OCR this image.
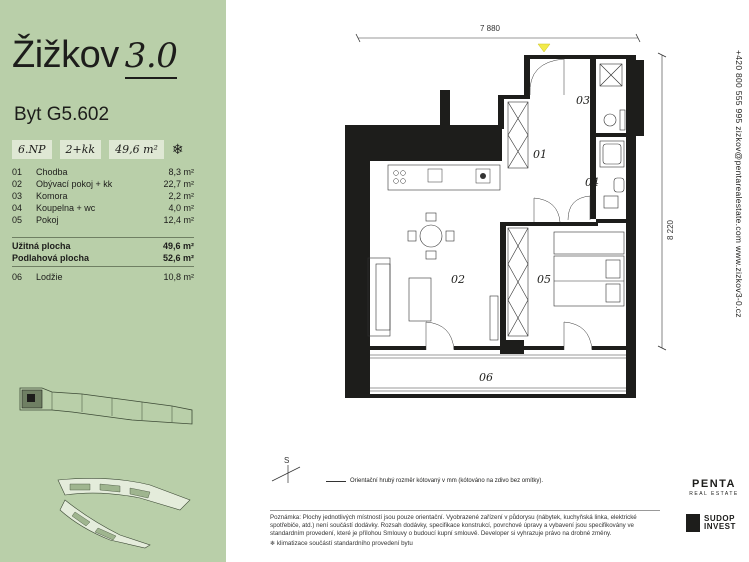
Žižkov 3.0
Byt G5.602
6.NP	2+kk	49,6 m²	❄
01	Chodba	8,3 m²
02	Obývací pokoj + kk	22,7 m²
03	Komora	2,2 m²
04	Koupelna + wc	4,0 m²
05	Pokoj	12,4 m²
Užitná plocha	49,6 m²
Podlahová plocha	52,6 m²
06	Lodžie	10,8 m²
7 880
8 220
01
02
03
04
05
06
+420 800 555 995 zizkov@pentarealestate.com www.zizkov3-0.cz
S
Orientační hrubý rozměr kótovaný v mm (kótováno na zdivo bez omítky).
Poznámka: Plochy jednotlivých místností jsou pouze orientační. Vyobrazené zařízení v půdorysu (nábytek, kuchyňská linka, elektrické spotřebiče, atd.) není součástí dodávky. Rozsah dodávky, specifikace konstrukcí, povrchové úpravy a vybavení jsou specifikovány ve standardním provedení, které je přílohou Smlouvy o budoucí kupní smlouvě. Developer si vyhrazuje právo na drobné změny.
❄ klimatizace součástí standardního provedení bytu
PENTA
REAL ESTATE
SUDOP
INVEST
